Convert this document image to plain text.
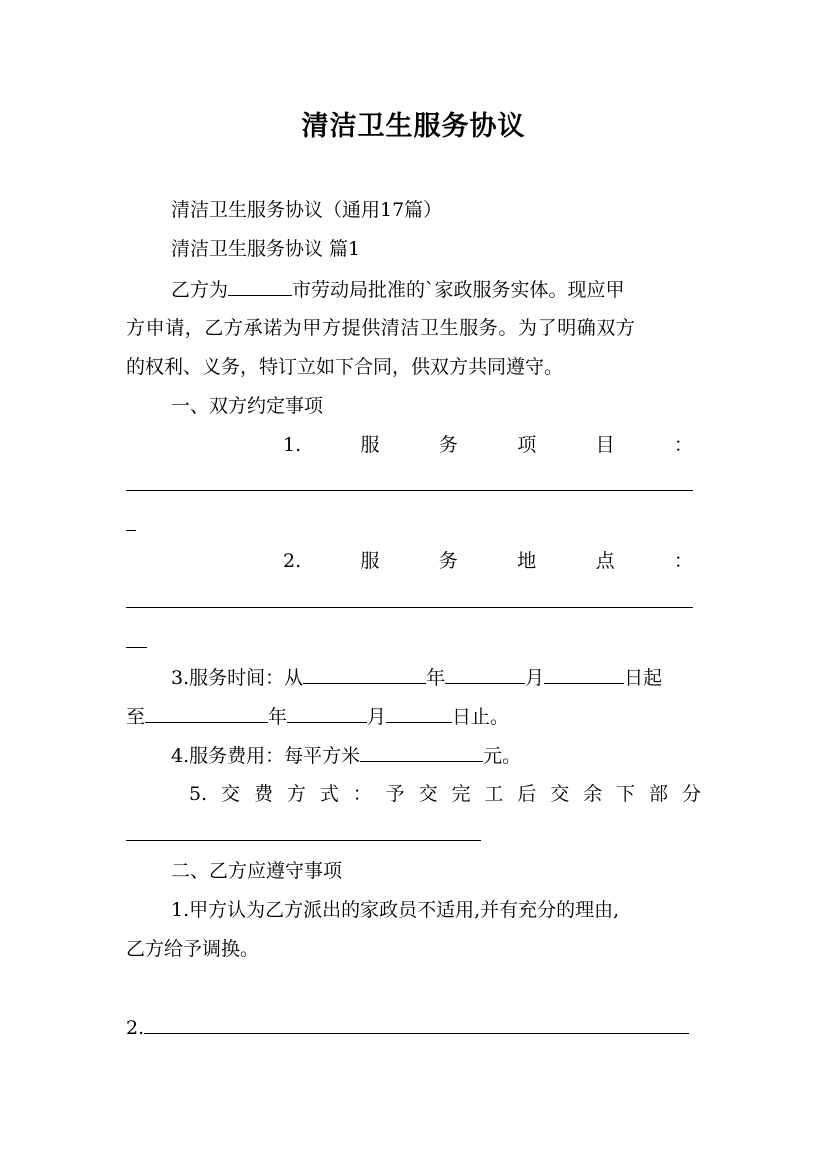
清洁卫生服务协议
清洁卫生服务协议（通用17篇）
清洁卫生服务协议 篇1
乙方为	市劳动局批准的`家政服务实体。现应甲
方申请，乙方承诺为甲方提供清洁卫生服务。为了明确双方
的权利、义务，特订立如下合同，供双方共同遵守。
一、双方约定事项
1.	服	务	项	目	：
2.	服	务	地	点	：
3.服务时间：从	年	月	日起
至	年	月	日止。
4.服务费用：每平方米	元。
5. 交 费 方 式 ： 予 交 完 工 后 交 余 下 部 分
二、乙方应遵守事项
1.甲方认为乙方派出的家政员不适用,并有充分的理由,
乙方给予调换。
2.
